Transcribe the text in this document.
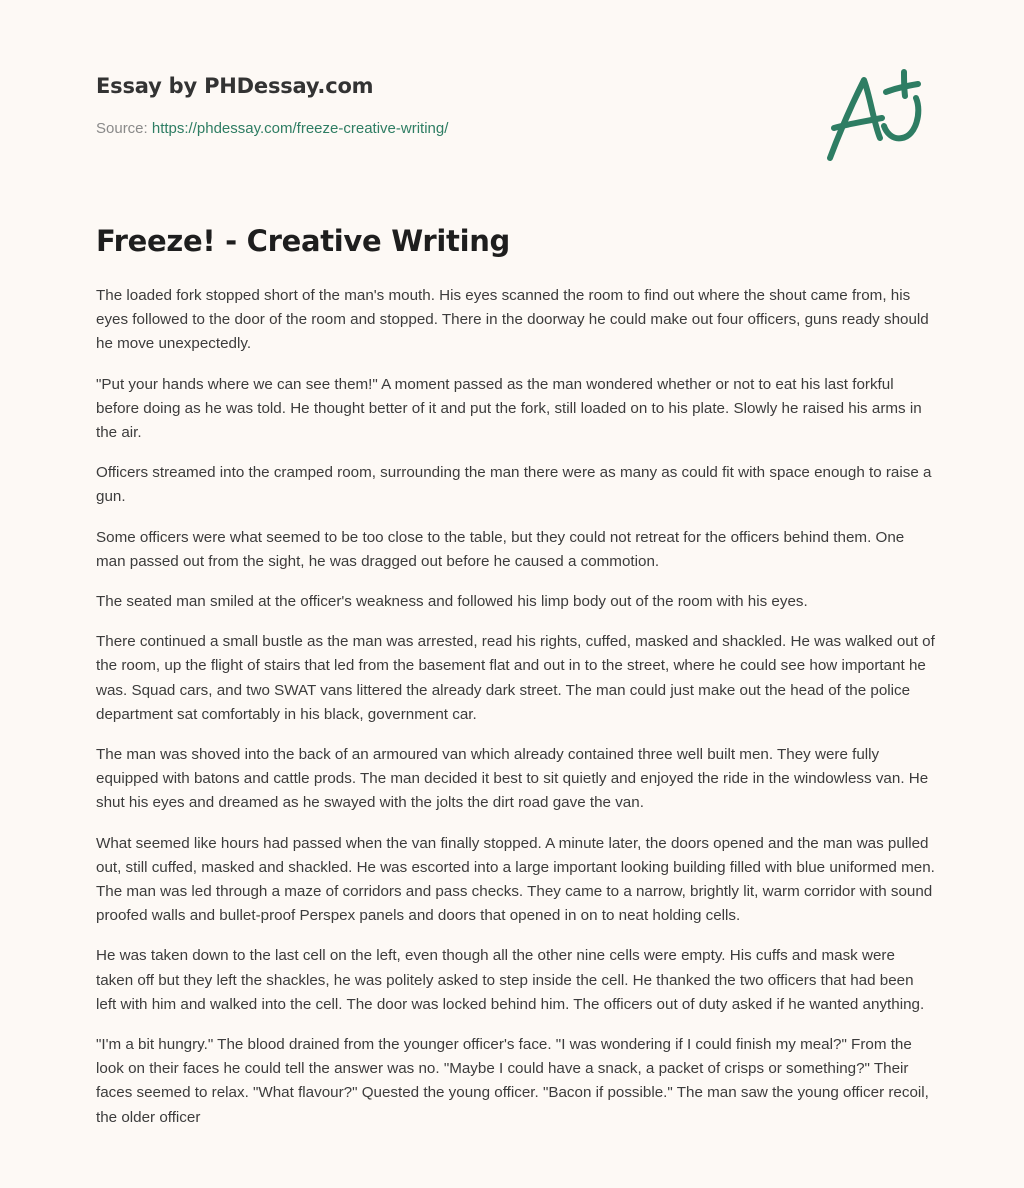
Essay by PHDessay.com
Source: https://phdessay.com/freeze-creative-writing/
Freeze! - Creative Writing

The loaded fork stopped short of the man's mouth. His eyes scanned the room to find out where the shout came from, his eyes followed to the door of the room and stopped. There in the doorway he could make out four officers, guns ready should he move unexpectedly.

"Put your hands where we can see them!" A moment passed as the man wondered whether or not to eat his last forkful before doing as he was told. He thought better of it and put the fork, still loaded on to his plate. Slowly he raised his arms in the air.

Officers streamed into the cramped room, surrounding the man there were as many as could fit with space enough to raise a gun.

Some officers were what seemed to be too close to the table, but they could not retreat for the officers behind them. One man passed out from the sight, he was dragged out before he caused a commotion.

The seated man smiled at the officer's weakness and followed his limp body out of the room with his eyes.

There continued a small bustle as the man was arrested, read his rights, cuffed, masked and shackled. He was walked out of the room, up the flight of stairs that led from the basement flat and out in to the street, where he could see how important he was. Squad cars, and two SWAT vans littered the already dark street. The man could just make out the head of the police department sat comfortably in his black, government car.

The man was shoved into the back of an armoured van which already contained three well built men. They were fully equipped with batons and cattle prods. The man decided it best to sit quietly and enjoyed the ride in the windowless van. He shut his eyes and dreamed as he swayed with the jolts the dirt road gave the van.

What seemed like hours had passed when the van finally stopped. A minute later, the doors opened and the man was pulled out, still cuffed, masked and shackled. He was escorted into a large important looking building filled with blue uniformed men. The man was led through a maze of corridors and pass checks. They came to a narrow, brightly lit, warm corridor with sound proofed walls and bullet-proof Perspex panels and doors that opened in on to neat holding cells.

He was taken down to the last cell on the left, even though all the other nine cells were empty. His cuffs and mask were taken off but they left the shackles, he was politely asked to step inside the cell. He thanked the two officers that had been left with him and walked into the cell. The door was locked behind him. The officers out of duty asked if he wanted anything.

"I'm a bit hungry." The blood drained from the younger officer's face. "I was wondering if I could finish my meal?" From the look on their faces he could tell the answer was no. "Maybe I could have a snack, a packet of crisps or something?" Their faces seemed to relax. "What flavour?" Quested the young officer. "Bacon if possible." The man saw the young officer recoil, the older officer
